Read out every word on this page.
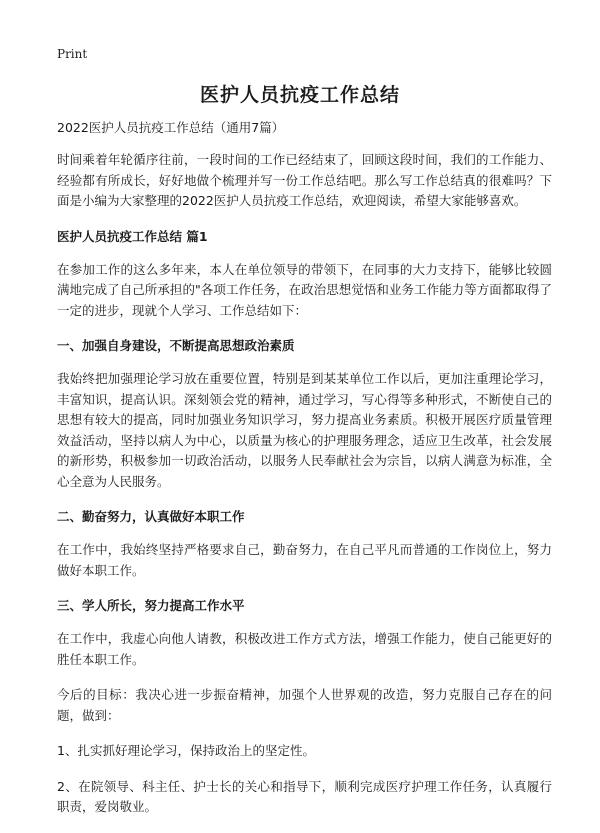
Print
医护人员抗疫工作总结
2022医护人员抗疫工作总结（通用7篇）

时间乘着年轮循序往前，一段时间的工作已经结束了，回顾这段时间，我们的工作能力、经验都有所成长，好好地做个梳理并写一份工作总结吧。那么写工作总结真的很难吗？下面是小编为大家整理的2022医护人员抗疫工作总结，欢迎阅读，希望大家能够喜欢。

医护人员抗疫工作总结 篇1

在参加工作的这么多年来，本人在单位领导的带领下，在同事的大力支持下，能够比较圆满地完成了自己所承担的"各项工作任务，在政治思想觉悟和业务工作能力等方面都取得了一定的进步，现就个人学习、工作总结如下：

一、加强自身建设，不断提高思想政治素质

我始终把加强理论学习放在重要位置，特别是到某某单位工作以后，更加注重理论学习，丰富知识，提高认识。深刻领会党的精神，通过学习，写心得等多种形式，不断使自己的思想有较大的提高，同时加强业务知识学习，努力提高业务素质。积极开展医疗质量管理效益活动，坚持以病人为中心，以质量为核心的护理服务理念，适应卫生改革，社会发展的新形势，积极参加一切政治活动，以服务人民奉献社会为宗旨，以病人满意为标准，全心全意为人民服务。

二、勤奋努力，认真做好本职工作

在工作中，我始终坚持严格要求自己，勤奋努力，在自己平凡而普通的工作岗位上，努力做好本职工作。

三、学人所长，努力提高工作水平

在工作中，我虚心向他人请教，积极改进工作方式方法，增强工作能力，使自己能更好的胜任本职工作。

今后的目标：我决心进一步振奋精神，加强个人世界观的改造，努力克服自己存在的问题，做到：

1、扎实抓好理论学习，保持政治上的坚定性。

2、在院领导、科主任、护士长的关心和指导下，顺利完成医疗护理工作任务，认真履行职责，爱岗敬业。
